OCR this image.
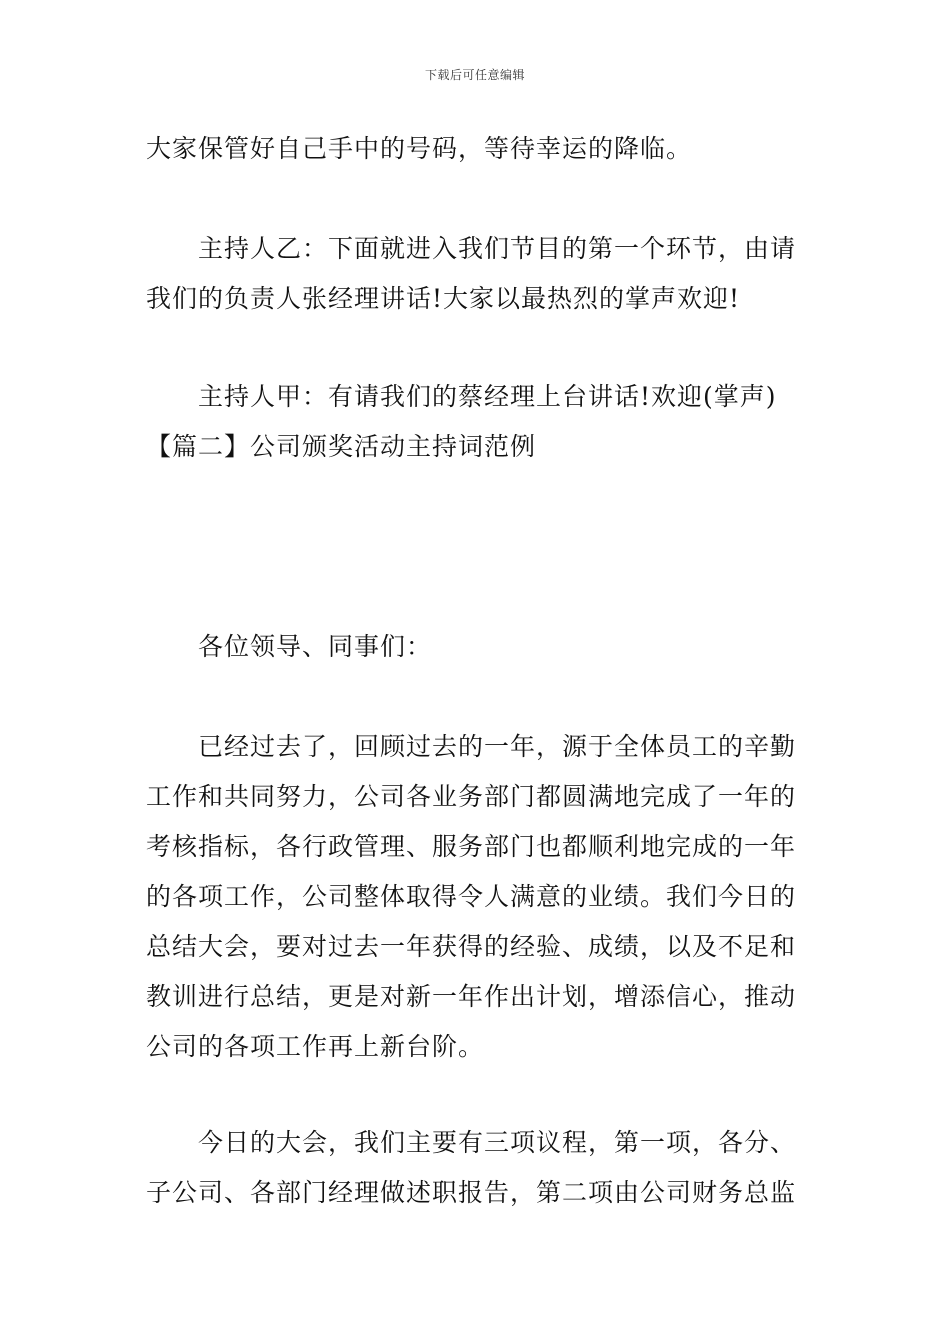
下载后可任意编辑
大家保管好自己手中的号码，等待幸运的降临。
主持人乙：下面就进入我们节目的第一个环节，由请
我们的负责人张经理讲话!大家以最热烈的掌声欢迎!
主持人甲：有请我们的蔡经理上台讲话!欢迎(掌声)
【篇二】公司颁奖活动主持词范例
各位领导、同事们：
已经过去了，回顾过去的一年，源于全体员工的辛勤
工作和共同努力，公司各业务部门都圆满地完成了一年的
考核指标，各行政管理、服务部门也都顺利地完成的一年
的各项工作，公司整体取得令人满意的业绩。我们今日的
总结大会，要对过去一年获得的经验、成绩，以及不足和
教训进行总结，更是对新一年作出计划，增添信心，推动
公司的各项工作再上新台阶。
今日的大会，我们主要有三项议程，第一项，各分、
子公司、各部门经理做述职报告，第二项由公司财务总监
